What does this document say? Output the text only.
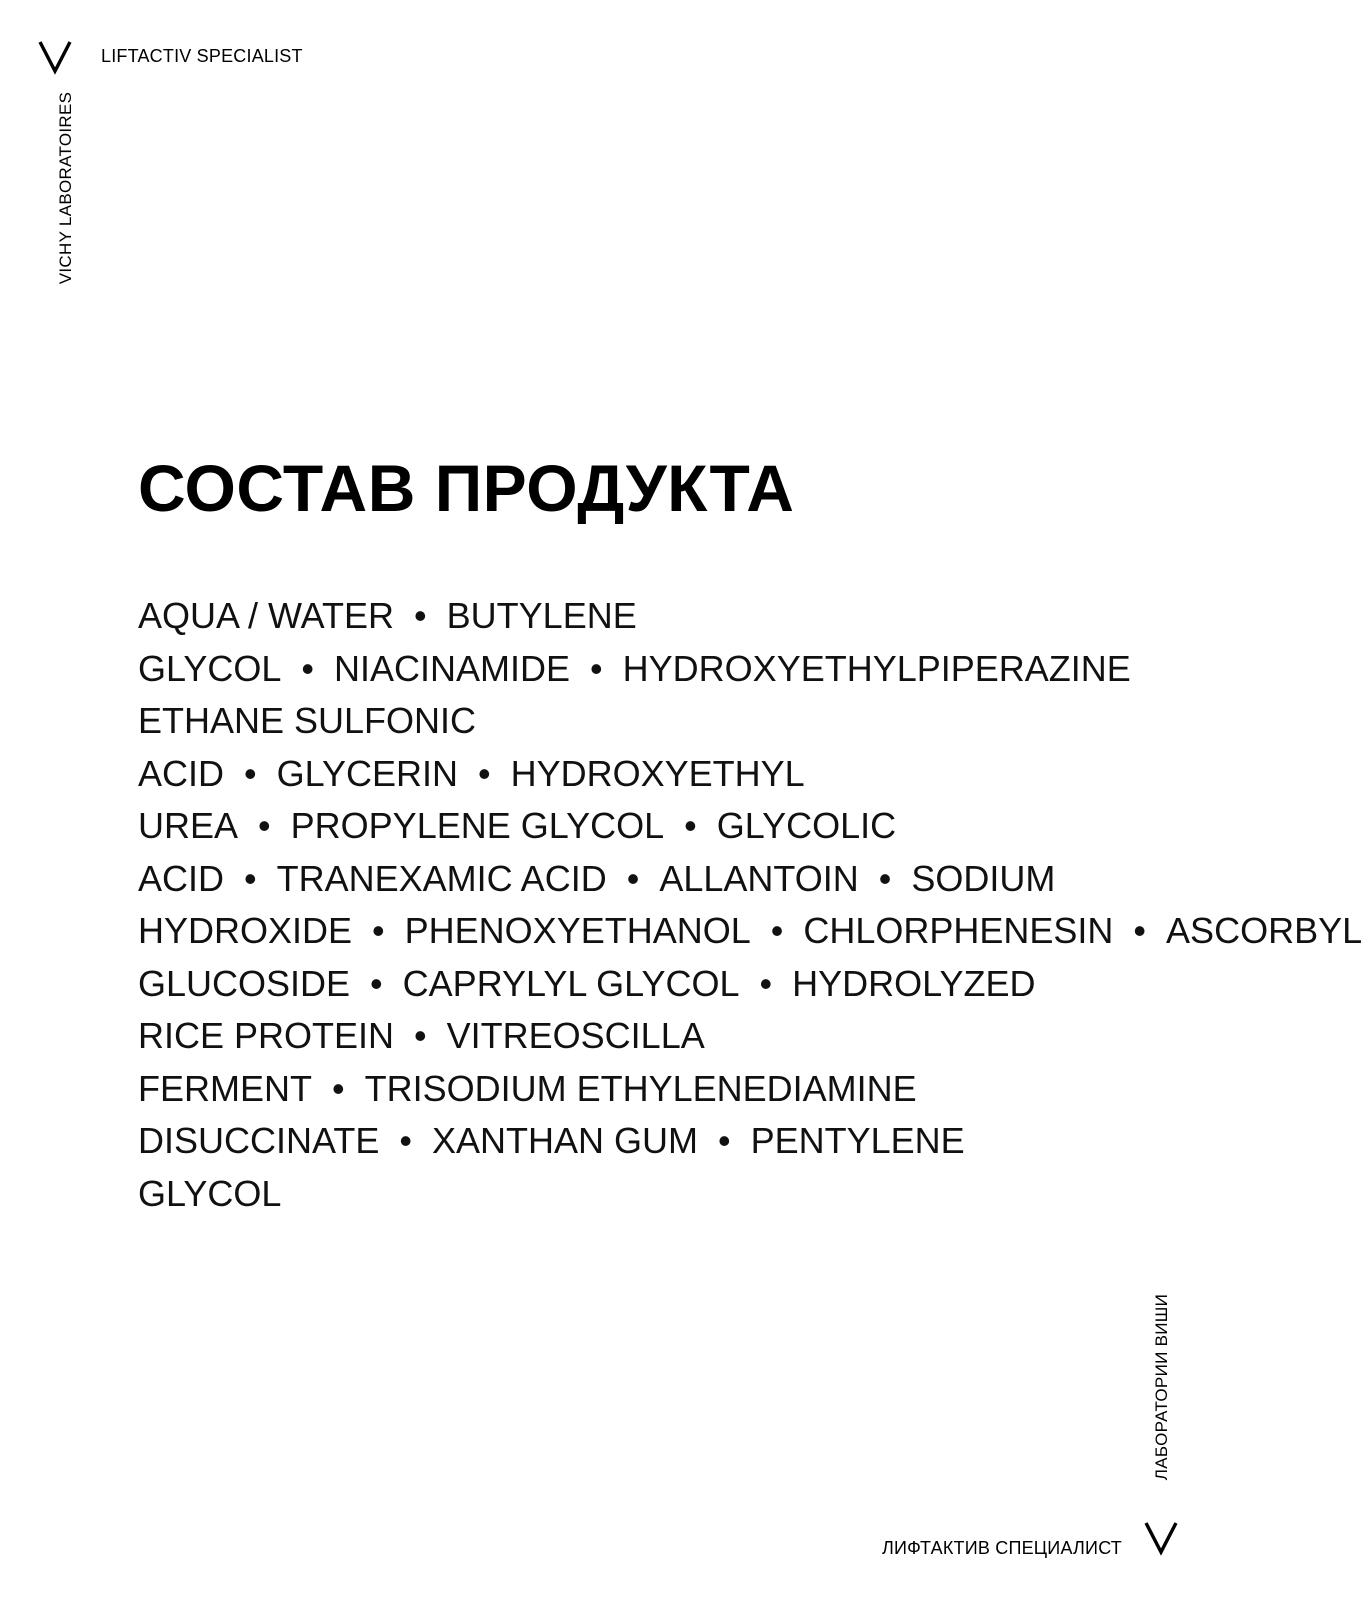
LIFTACTIV SPECIALIST
VICHY LABORATOIRES
СОСТАВ ПРОДУКТА
AQUA / WATER  • BUTYLENE GLYCOL  • NIACINAMIDE  • HYDROXYETHYLPIPERAZINE ETHANE SULFONIC ACID  • GLYCERIN  • HYDROXYETHYL UREA  • PROPYLENE GLYCOL  • GLYCOLIC ACID  • TRANEXAMIC ACID  • ALLANTOIN  • SODIUM HYDROXIDE  • PHENOXYETHANOL  • CHLORPHENESIN  • ASCORBYL GLUCOSIDE  • CAPRYLYL GLYCOL  • HYDROLYZED RICE PROTEIN  • VITREOSCILLA FERMENT  • TRISODIUM ETHYLENEDIAMINE DISUCCINATE  • XANTHAN GUM  • PENTYLENE GLYCOL
ЛАБОРАТОРИИ ВИШИ
ЛИФТАКТИВ СПЕЦИАЛИСТ
